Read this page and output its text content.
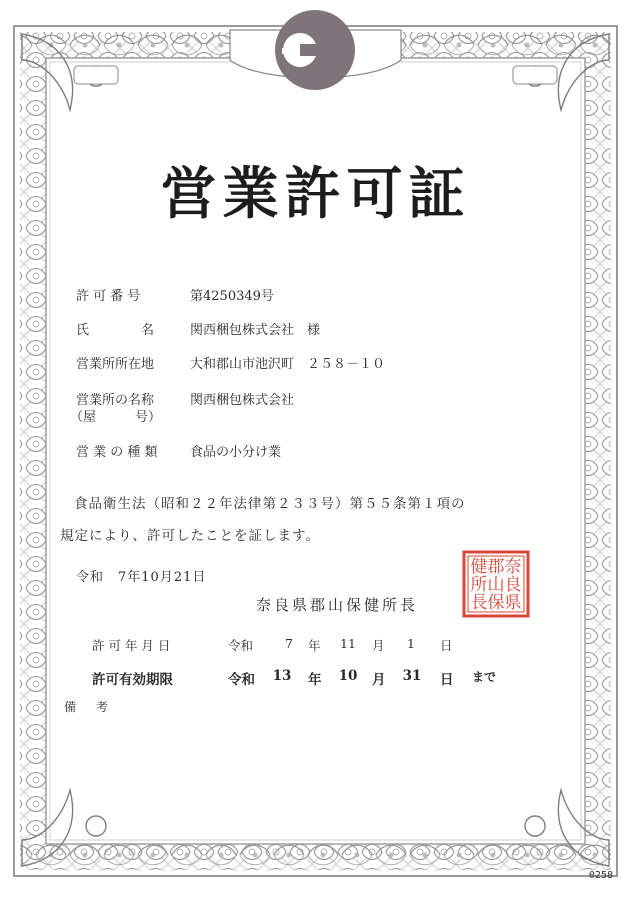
営業許可証
許 可 番 号	第4250349号
氏　　　　名	関西梱包株式会社　様
営業所所在地	大和郡山市池沢町　２５８－１０
営業所の名称	関西梱包株式会社
（屋　　　号）
営 業 の 種 類 食品の小分け業
食品衛生法（昭和２２年法律第２３３号）第５５条第１項の
規定により、許可したことを証します。
令和　7年10月21日
奈良県郡山保健所長
奈
良
県
郡
山
保
健
所
長
印
許 可 年 月 日	令和	7 年	11	月 1 日
許可有効期限	令和 13 年 10 月 31 日 まで
備 考
0258
